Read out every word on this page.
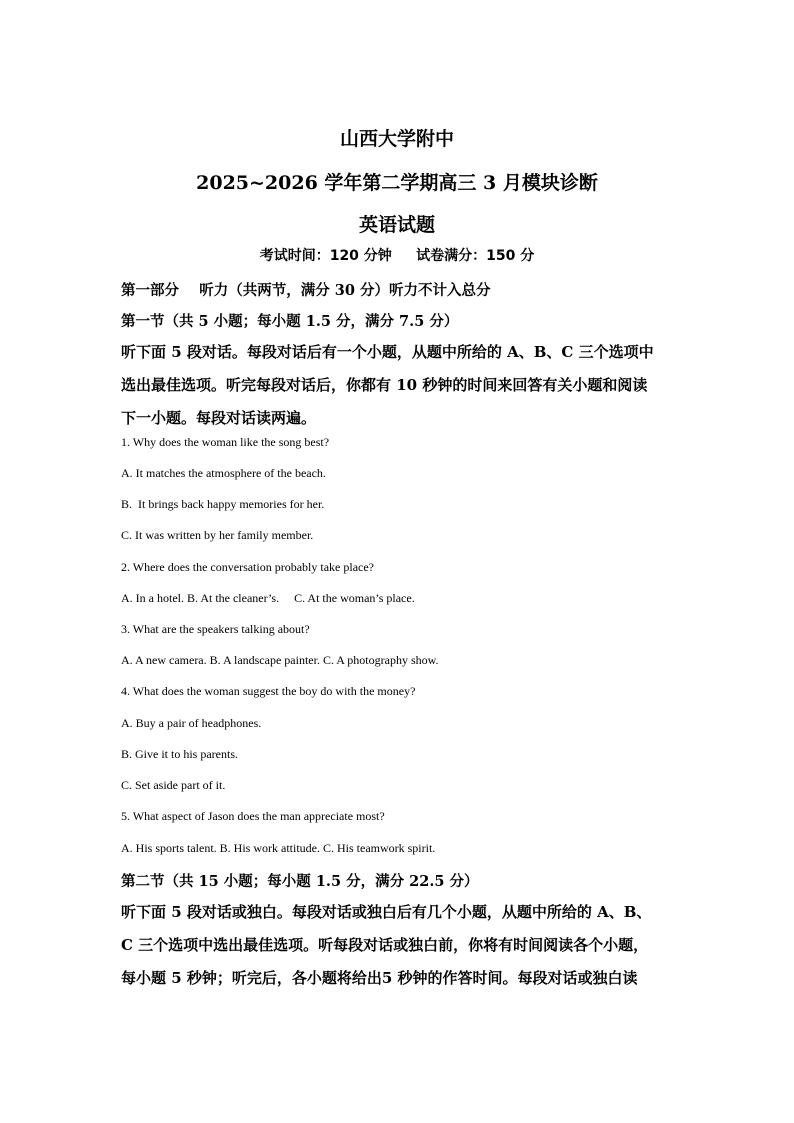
山西大学附中
2025~2026 学年第二学期高三 3 月模块诊断
英语试题
考试时间：120 分钟     试卷满分：150 分
第一部分    听力（共两节，满分 30 分）听力不计入总分
第一节（共 5 小题；每小题 1.5 分，满分 7.5 分）
听下面 5 段对话。每段对话后有一个小题，从题中所给的 A、B、C 三个选项中
选出最佳选项。听完每段对话后，你都有 10 秒钟的时间来回答有关小题和阅读
下一小题。每段对话读两遍。
1. Why does the woman like the song best?
A. It matches the atmosphere of the beach.
B.  It brings back happy memories for her.
C. It was written by her family member.
2. Where does the conversation probably take place?
A. In a hotel. B. At the cleaner’s.     C. At the woman’s place.
3. What are the speakers talking about?
A. A new camera. B. A landscape painter. C. A photography show.
4. What does the woman suggest the boy do with the money?
A. Buy a pair of headphones.
B. Give it to his parents.
C. Set aside part of it.
5. What aspect of Jason does the man appreciate most?
A. His sports talent. B. His work attitude. C. His teamwork spirit.
第二节（共 15 小题；每小题 1.5 分，满分 22.5 分）
听下面 5 段对话或独白。每段对话或独白后有几个小题，从题中所给的 A、B、
C 三个选项中选出最佳选项。听每段对话或独白前，你将有时间阅读各个小题，
每小题 5 秒钟；听完后，各小题将给出5 秒钟的作答时间。每段对话或独白读
